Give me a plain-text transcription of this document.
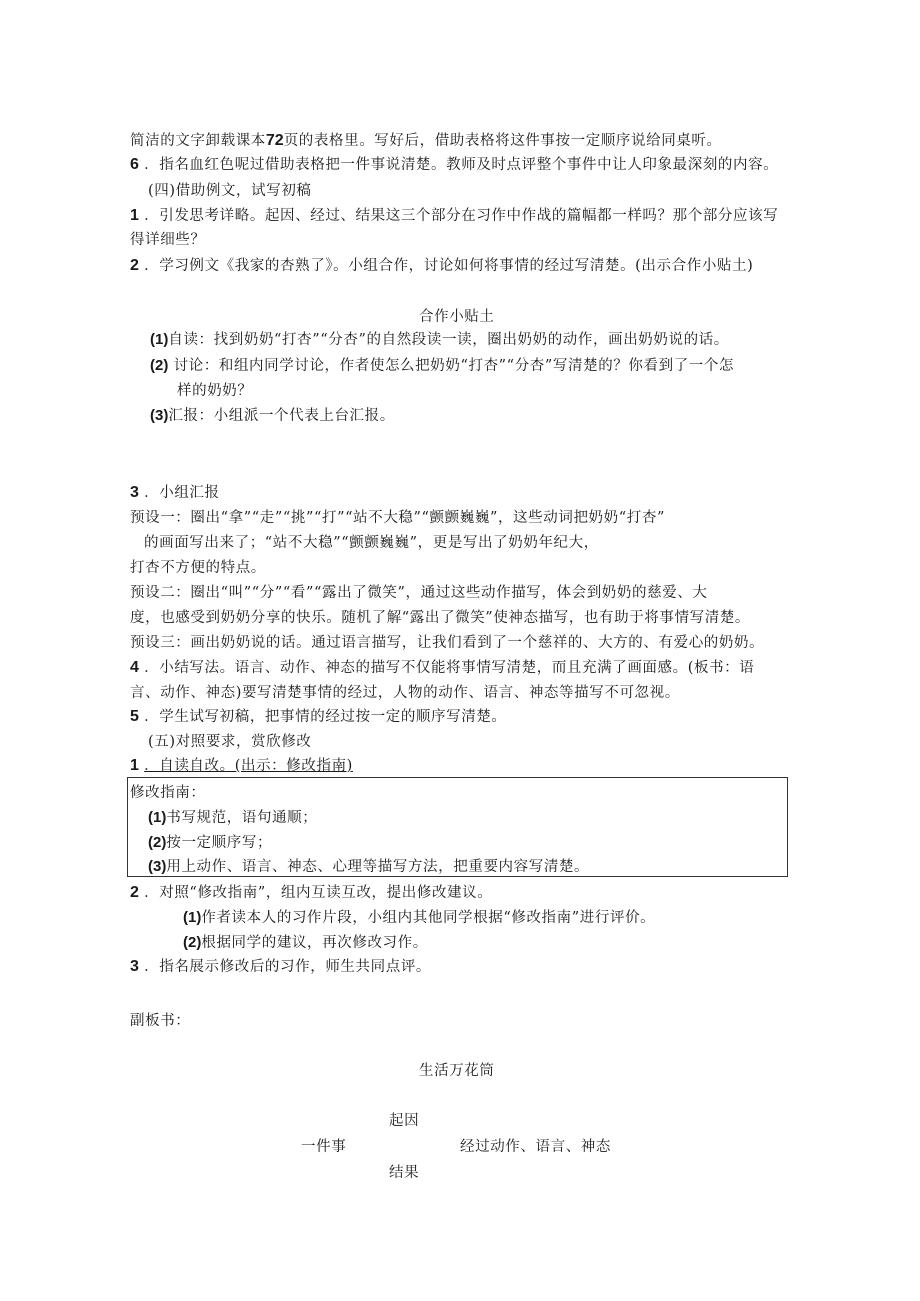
简洁的文字卸载课本72页的表格里。写好后，借助表格将这件事按一定顺序说给同桌听。
6 ．指名血红色呢过借助表格把一件事说清楚。教师及时点评整个事件中让人印象最深刻的内容。
(四)借助例文，试写初稿
1 ．引发思考详略。起因、经过、结果这三个部分在习作中作战的篇幅都一样吗？那个部分应该写
得详细些？
2 ．学习例文《我家的杏熟了》。小组合作，讨论如何将事情的经过写清楚。(出示合作小贴土)
合作小贴土
(1)自读：找到奶奶“打杏”“分杏”的自然段读一读，圈出奶奶的动作，画出奶奶说的话。
(2) 讨论：和组内同学讨论，作者使怎么把奶奶“打杏”“分杏”写清楚的？你看到了一个怎
样的奶奶？
(3)汇报：小组派一个代表上台汇报。
3 ．小组汇报
预设一：圈出“拿”“走”“挑”“打”“站不大稳”“颤颤巍巍”，这些动词把奶奶“打杏”
的画面写出来了；“站不大稳”“颤颤巍巍”，更是写出了奶奶年纪大，
打杏不方便的特点。
预设二：圈出“叫”“分”“看”“露出了微笑”，通过这些动作描写，体会到奶奶的慈爱、大
度，也感受到奶奶分享的快乐。随机了解“露出了微笑”使神态描写，也有助于将事情写清楚。
预设三：画出奶奶说的话。通过语言描写，让我们看到了一个慈祥的、大方的、有爱心的奶奶。
4 ．小结写法。语言、动作、神态的描写不仅能将事情写清楚，而且充满了画面感。(板书：语
言、动作、神态)要写清楚事情的经过，人物的动作、语言、神态等描写不可忽视。
5 ．学生试写初稿，把事情的经过按一定的顺序写清楚。
(五)对照要求，赏欣修改
1 ．自读自改。(出示：修改指南)
修改指南：
(1)书写规范，语句通顺；
(2)按一定顺序写；
(3)用上动作、语言、神态、心理等描写方法，把重要内容写清楚。
2 ．对照“修改指南”，组内互读互改，提出修改建议。
(1)作者读本人的习作片段，小组内其他同学根据“修改指南”进行评价。
(2)根据同学的建议，再次修改习作。
3 ．指名展示修改后的习作，师生共同点评。
副板书：
生活万花筒
起因
一件事	经过动作、语言、神态
结果
